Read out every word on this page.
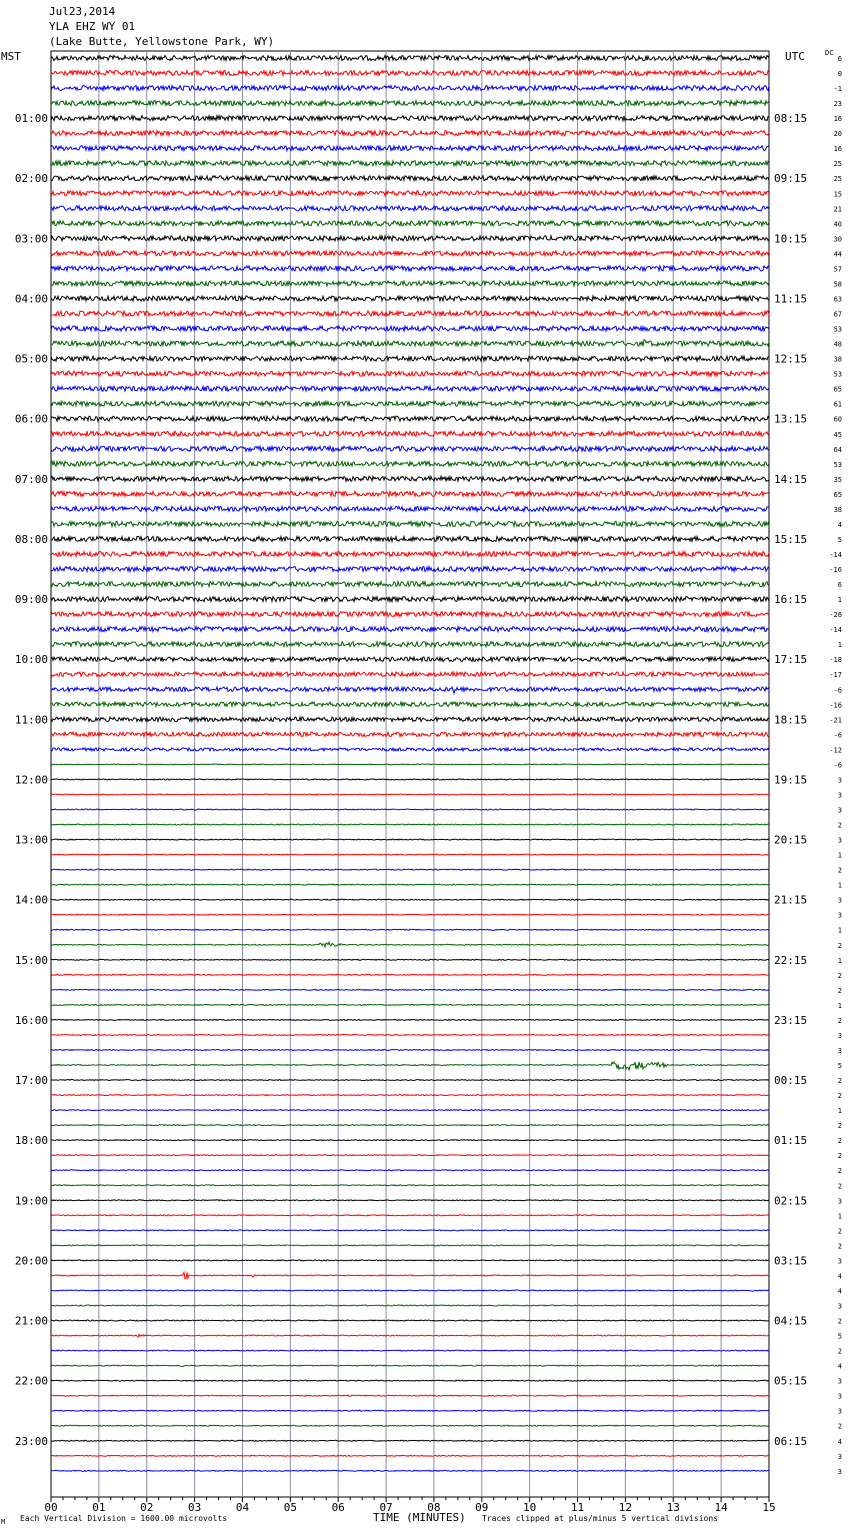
Jul23,2014
YLA EHZ WY 01
(Lake Butte, Yellowstone Park, WY)
MST	UTC	DC
00	01	02	03	04	05	06	07	08	09	10	11	12	13	14	15
6
0
-1
23
16
20
16
25
25
15
21
40
30
44
57
58
63
67
53
48
38
53
65
61
60
45
64
53
35
65
38
4
5
-14
-16
6
1
-26
-14
1
-18
-17
-6
-16
-21
-6
-12
-6
3
3
3
2
3
1
2
1
3
3
1
2
1
2
2
1
2
3
3
5
2
2
1
2
2
2
2
2
3
1
2
2
3
4
4
3
2
5
2
4
3
3
3
2
4
3
3
01:00
02:00
03:00
04:00
05:00
06:00
07:00
08:00
09:00
10:00
11:00
12:00
13:00
14:00
15:00
16:00
17:00
18:00
19:00
20:00
21:00
22:00
23:00
08:15
09:15
10:15
11:15
12:15
13:15
14:15
15:15
16:15
17:15
18:15
19:15
20:15
21:15
22:15
23:15
00:15
01:15
02:15
03:15
04:15
05:15
06:15
M Each Vertical Division = 1600.00 microvolts	TIME (MINUTES) Traces clipped at plus/minus 5 vertical divisions
